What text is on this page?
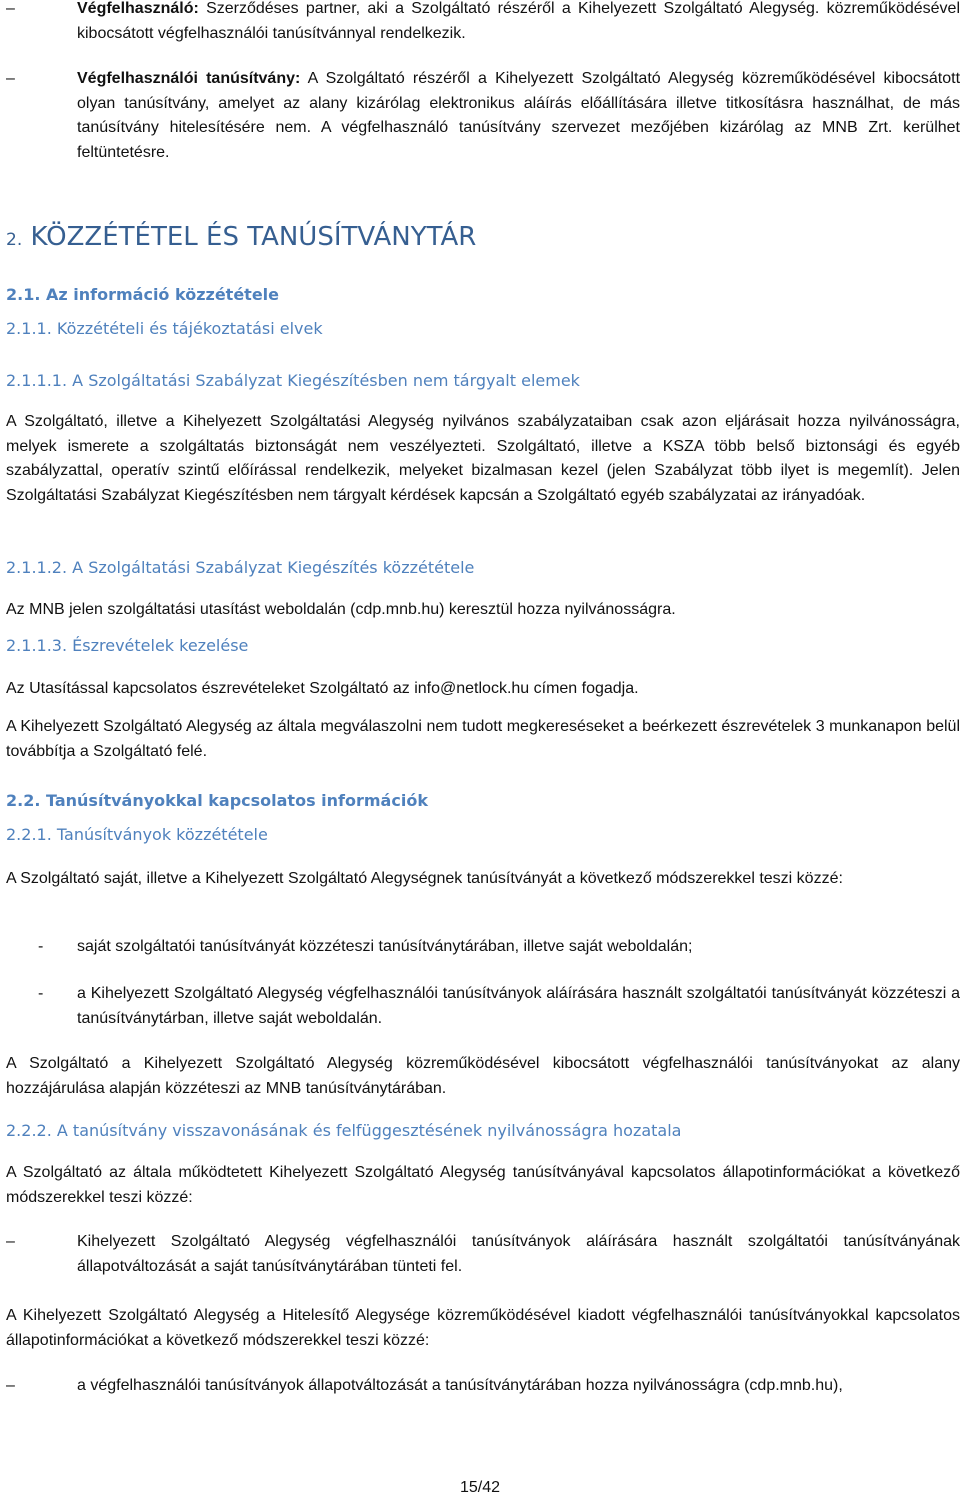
–	Végfelhasználó: Szerződéses partner, aki a Szolgáltató részéről a Kihelyezett Szolgáltató Alegység. közreműködésével kibocsátott végfelhasználói tanúsítvánnyal rendelkezik.
–	Végfelhasználói tanúsítvány: A Szolgáltató részéről a Kihelyezett Szolgáltató Alegység közreműködésével kibocsátott olyan tanúsítvány, amelyet az alany kizárólag elektronikus aláírás előállítására illetve titkosításra használhat, de más tanúsítvány hitelesítésére nem. A végfelhasználó tanúsítvány szervezet mezőjében kizárólag az MNB Zrt. kerülhet feltüntetésre.
2. KÖZZÉTÉTEL ÉS TANÚSÍTVÁNYTÁR
2.1. Az információ közzététele
2.1.1. Közzétételi és tájékoztatási elvek
2.1.1.1. A Szolgáltatási Szabályzat Kiegészítésben nem tárgyalt elemek

A Szolgáltató, illetve a Kihelyezett Szolgáltatási Alegység nyilvános szabályzataiban csak azon eljárásait hozza nyilvánosságra, melyek ismerete a szolgáltatás biztonságát nem veszélyezteti. Szolgáltató, illetve a KSZA több belső biztonsági és egyéb szabályzattal, operatív szintű előírással rendelkezik, melyeket bizalmasan kezel (jelen Szabályzat több ilyet is megemlít). Jelen Szolgáltatási Szabályzat Kiegészítésben nem tárgyalt kérdések kapcsán a Szolgáltató egyéb szabályzatai az irányadóak.

2.1.1.2. A Szolgáltatási Szabályzat Kiegészítés közzététele

Az MNB jelen szolgáltatási utasítást weboldalán (cdp.mnb.hu) keresztül hozza nyilvánosságra.

2.1.1.3. Észrevételek kezelése

Az Utasítással kapcsolatos észrevételeket Szolgáltató az info@netlock.hu címen fogadja.

A Kihelyezett Szolgáltató Alegység az általa megválaszolni nem tudott megkereséseket a beérkezett észrevételek 3 munkanapon belül továbbítja a Szolgáltató felé.

2.2. Tanúsítványokkal kapcsolatos információk
2.2.1. Tanúsítványok közzététele

A Szolgáltató saját, illetve a Kihelyezett Szolgáltató Alegységnek tanúsítványát a következő módszerekkel teszi közzé:

- saját szolgáltatói tanúsítványát közzéteszi tanúsítványtárában, illetve saját weboldalán;
- a Kihelyezett Szolgáltató Alegység végfelhasználói tanúsítványok aláírására használt szolgáltatói tanúsítványát közzéteszi a tanúsítványtárban, illetve saját weboldalán.

A Szolgáltató a Kihelyezett Szolgáltató Alegység közreműködésével kibocsátott végfelhasználói tanúsítványokat az alany hozzájárulása alapján közzéteszi az MNB tanúsítványtárában.

2.2.2. A tanúsítvány visszavonásának és felfüggesztésének nyilvánosságra hozatala

A Szolgáltató az általa működtetett Kihelyezett Szolgáltató Alegység tanúsítványával kapcsolatos állapotinformációkat a következő módszerekkel teszi közzé:

–	Kihelyezett Szolgáltató Alegység végfelhasználói tanúsítványok aláírására használt szolgáltatói tanúsítványának állapotváltozását a saját tanúsítványtárában tünteti fel.

A Kihelyezett Szolgáltató Alegység a Hitelesítő Alegysége közreműködésével kiadott végfelhasználói tanúsítványokkal kapcsolatos állapotinformációkat a következő módszerekkel teszi közzé:

–	a végfelhasználói tanúsítványok állapotváltozását a tanúsítványtárában hozza nyilvánosságra (cdp.mnb.hu),
15/42
